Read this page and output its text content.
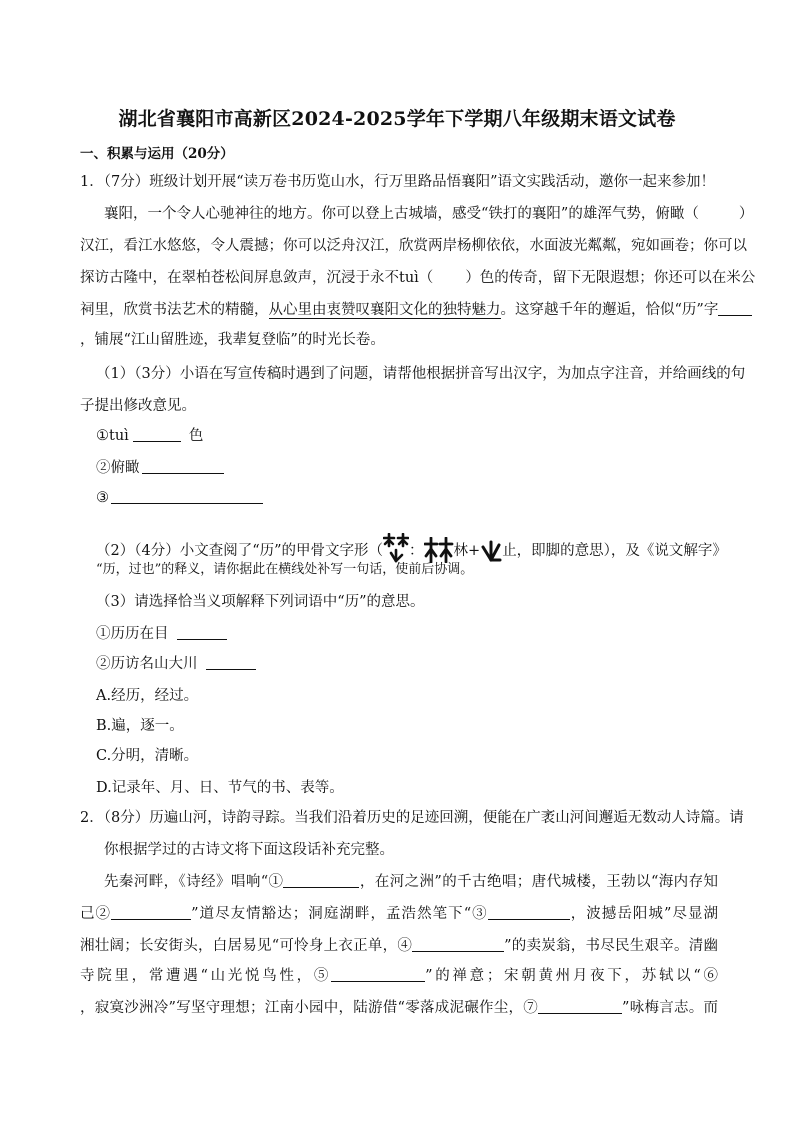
湖北省襄阳市高新区2024-2025学年下学期八年级期末语文试卷
一、积累与运用（20分）
1．（7分）班级计划开展“读万卷书历览山水，行万里路品悟襄阳”语文实践活动，邀你一起来参加！
襄阳，一个令人心驰神往的地方。你可以登上古城墙，感受“铁打的襄阳”的雄浑气势，俯瞰（	）
汉江，看江水悠悠，令人震撼；你可以泛舟汉江，欣赏两岸杨柳依依，水面波光粼粼，宛如画卷；你可以
探访古隆中，在翠柏苍松间屏息敛声，沉浸于永不tuì（ ）色的传奇，留下无限遐想；你还可以在米公
祠里，欣赏书法艺术的精髓，从心里由衷赞叹襄阳文化的独特魅力。这穿越千年的邂逅，恰似“历”字
，铺展“江山留胜迹，我辈复登临”的时光长卷。
（1）（3分）小语在写宣传稿时遇到了问题，请帮他根据拼音写出汉字，为加点字注音，并给画线的句
子提出修改意见。
①tuì	色
②俯瞰
③
（2）（4分）小文查阅了“历”的甲骨文字形（ ： 林+ 止，即脚的意思），及《说文解字》
“历，过也”的释义，请你据此在横线处补写一句话，使前后协调。
（3）请选择恰当义项解释下列词语中“历”的意思。
①历历在目
②历访名山大川
A.经历，经过。
B.遍，逐一。
C.分明，清晰。
D.记录年、月、日、节气的书、表等。
2．（8分）历遍山河，诗韵寻踪。当我们沿着历史的足迹回溯，便能在广袤山河间邂逅无数动人诗篇。请
你根据学过的古诗文将下面这段话补充完整。
先秦河畔，《诗经》唱响“①	，在河之洲”的千古绝唱；唐代城楼，王勃以“海内存知
己②	”道尽友情豁达；洞庭湖畔，孟浩然笔下“③	，波撼岳阳城”尽显湖
湘壮阔；长安街头，白居易见“可怜身上衣正单，④	”的卖炭翁，书尽民生艰辛。清幽
寺院里，常遭遇“山光悦鸟性，⑤	”的禅意；宋朝黄州月夜下，苏轼以“⑥
，寂寞沙洲冷”写坚守理想；江南小园中，陆游借“零落成泥碾作尘，⑦	”咏梅言志。而
